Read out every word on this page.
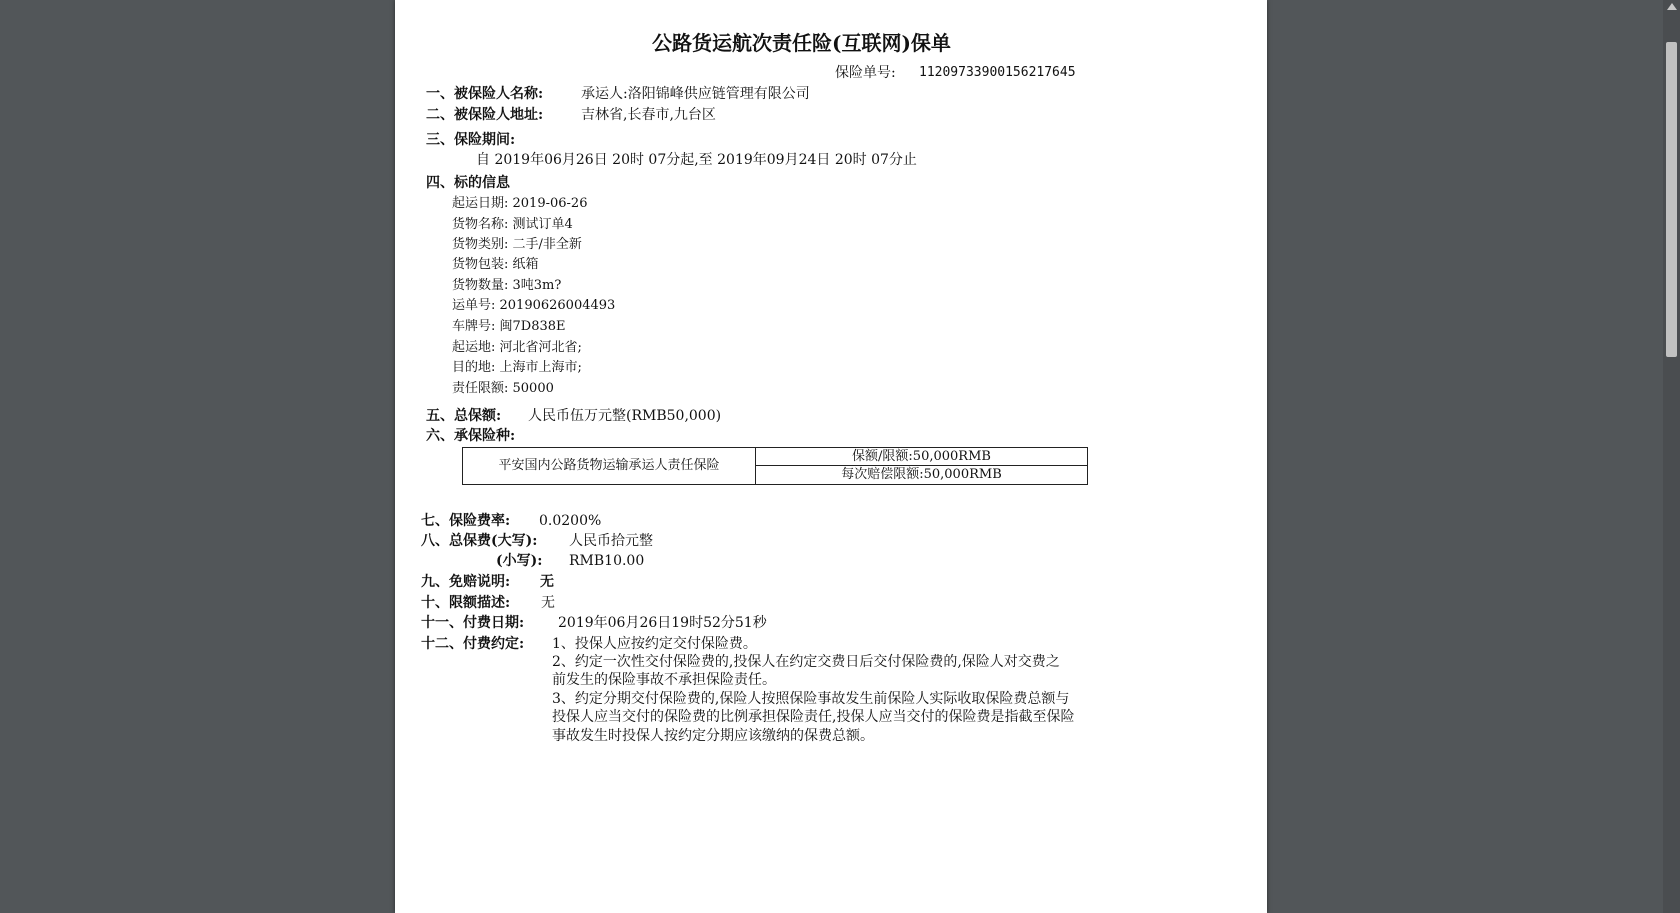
公路货运航次责任险(互联网)保单
保险单号: 11209733900156217645
一、被保险人名称:	承运人:洛阳锦峰供应链管理有限公司
二、被保险人地址:	吉林省,长春市,九台区
三、保险期间:
自 2019年06月26日 20时 07分起,至 2019年09月24日 20时 07分止
四、标的信息
起运日期: 2019-06-26
货物名称: 测试订单4
货物类别: 二手/非全新
货物包装: 纸箱
货物数量: 3吨3m?
运单号: 20190626004493
车牌号: 闽7D838E
起运地: 河北省河北省;
目的地: 上海市上海市;
责任限额: 50000
五、总保额: 人民币伍万元整(RMB50,000)
六、承保险种:
平安国内公路货物运输承运人责任保险
保额/限额:50,000RMB
每次赔偿限额:50,000RMB
七、保险费率: 0.0200%
八、总保费(大写): 人民币拾元整
(小写): RMB10.00
九、免赔说明: 无
十、限额描述: 无
十一、付费日期: 2019年06月26日19时52分51秒
十二、付费约定: 1、投保人应按约定交付保险费。
2、约定一次性交付保险费的,投保人在约定交费日后交付保险费的,保险人对交费之
前发生的保险事故不承担保险责任。
3、约定分期交付保险费的,保险人按照保险事故发生前保险人实际收取保险费总额与
投保人应当交付的保险费的比例承担保险责任,投保人应当交付的保险费是指截至保险
事故发生时投保人按约定分期应该缴纳的保费总额。
